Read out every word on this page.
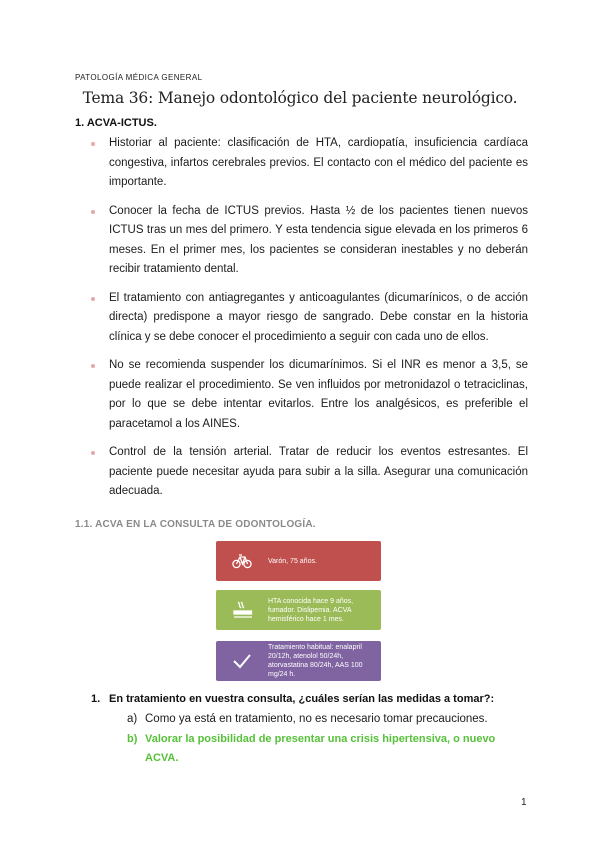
PATOLOGÍA MÉDICA GENERAL
Tema 36: Manejo odontológico del paciente neurológico.
1. ACVA-ICTUS.
Historiar al paciente: clasificación de HTA, cardiopatía, insuficiencia cardíaca congestiva, infartos cerebrales previos. El contacto con el médico del paciente es importante.
Conocer la fecha de ICTUS previos. Hasta ½ de los pacientes tienen nuevos ICTUS tras un mes del primero. Y esta tendencia sigue elevada en los primeros 6 meses. En el primer mes, los pacientes se consideran inestables y no deberán recibir tratamiento dental.
El tratamiento con antiagregantes y anticoagulantes (dicumarínicos, o de acción directa) predispone a mayor riesgo de sangrado. Debe constar en la historia clínica y se debe conocer el procedimiento a seguir con cada uno de ellos.
No se recomienda suspender los dicumarínimos. Si el INR es menor a 3,5, se puede realizar el procedimiento. Se ven influidos por metronidazol o tetraciclinas, por lo que se debe intentar evitarlos. Entre los analgésicos, es preferible el paracetamol a los AINES.
Control de la tensión arterial. Tratar de reducir los eventos estresantes. El paciente puede necesitar ayuda para subir a la silla. Asegurar una comunicación adecuada.
1.1. ACVA EN LA CONSULTA DE ODONTOLOGÍA.
Varón, 75 años.
HTA conocida hace 9 años, fumador. Dislipemia. ACVA hemisférico hace 1 mes.
Tratamiento habitual: enalapril 20/12h, atenolol 50/24h, atorvastatina 80/24h, AAS 100 mg/24 h.
1. En tratamiento en vuestra consulta, ¿cuáles serían las medidas a tomar?:
a) Como ya está en tratamiento, no es necesario tomar precauciones.
b) Valorar la posibilidad de presentar una crisis hipertensiva, o nuevo ACVA.
1
